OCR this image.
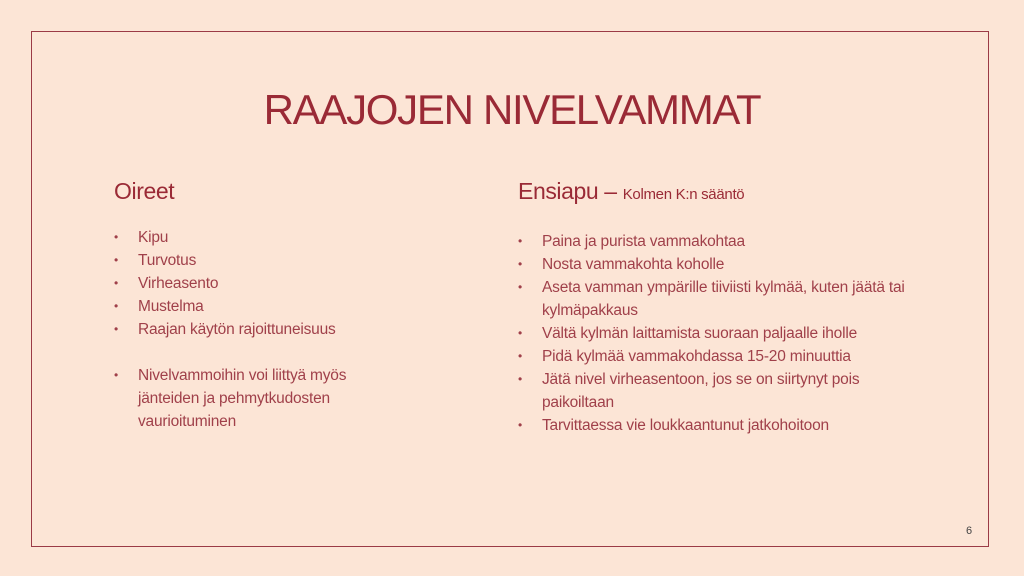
RAAJOJEN NIVELVAMMAT
Oireet
•	Kipu
•	Turvotus
•	Virheasento
•	Mustelma
•	Raajan käytön rajoittuneisuus
•	Nivelvammoihin voi liittyä myös jänteiden ja pehmytkudosten vaurioituminen
Ensiapu – Kolmen K:n sääntö
•	Paina ja purista vammakohtaa
•	Nosta vammakohta koholle
•	Aseta vamman ympärille tiiviisti kylmää, kuten jäätä tai kylmäpakkaus
•	Vältä kylmän laittamista suoraan paljaalle iholle
•	Pidä kylmää vammakohdassa 15-20 minuuttia
•	Jätä nivel virheasentoon, jos se on siirtynyt pois paikoiltaan
•	Tarvittaessa vie loukkaantunut jatkohoitoon
6
